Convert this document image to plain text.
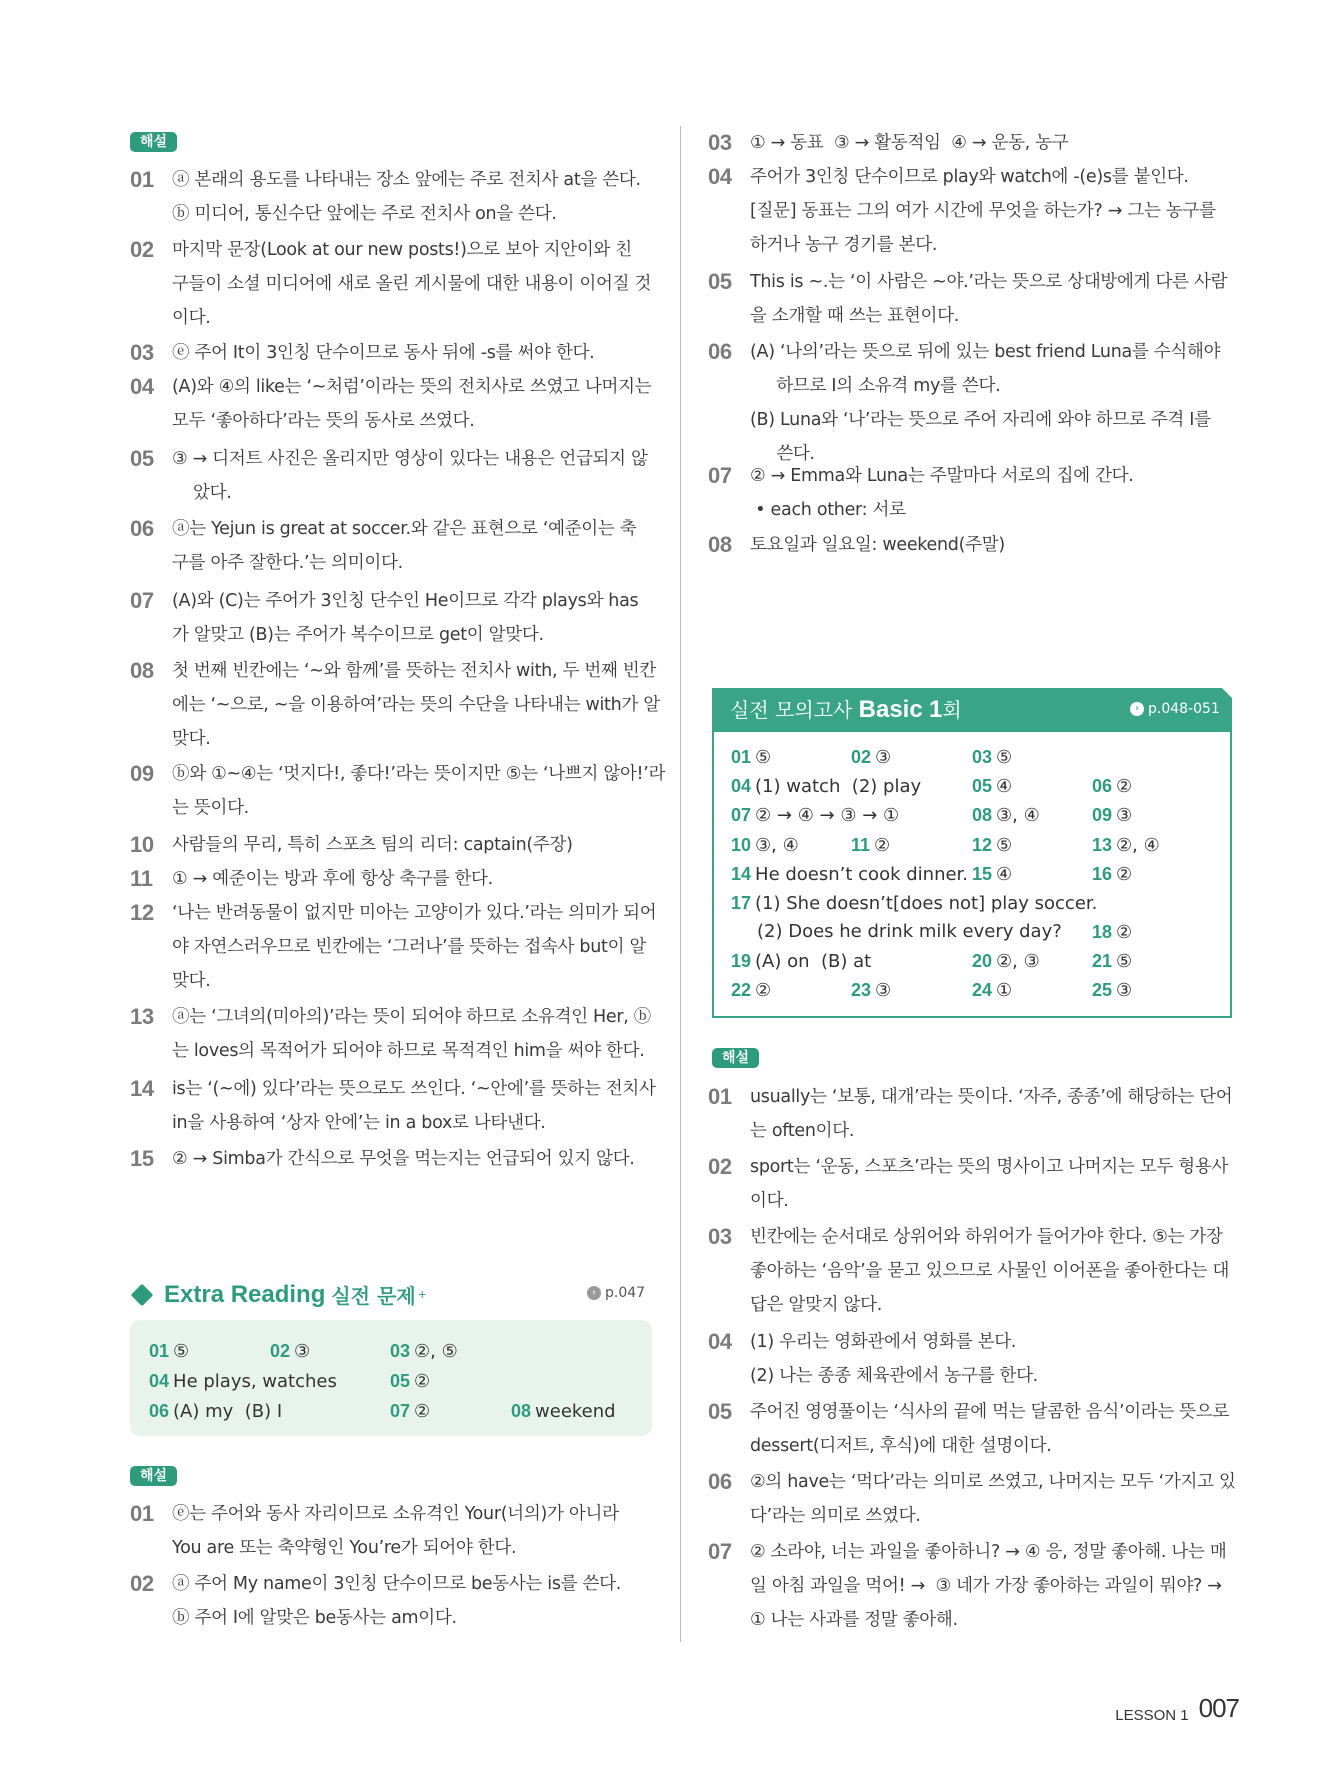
해설
01	ⓐ 본래의 용도를 나타내는 장소 앞에는 주로 전치사 at을 쓴다.
ⓑ 미디어, 통신수단 앞에는 주로 전치사 on을 쓴다.
02	마지막 문장(Look at our new posts!)으로 보아 지안이와 친
구들이 소셜 미디어에 새로 올린 게시물에 대한 내용이 이어질 것
이다.
03	ⓔ 주어 It이 3인칭 단수이므로 동사 뒤에 -s를 써야 한다.
04	(A)와 ④의 like는 ‘~처럼’이라는 뜻의 전치사로 쓰였고 나머지는
모두 ‘좋아하다’라는 뜻의 동사로 쓰였다.
05	③ → 디저트 사진은 올리지만 영상이 있다는 내용은 언급되지 않
았다.
06	ⓐ는 Yejun is great at soccer.와 같은 표현으로 ‘예준이는 축
구를 아주 잘한다.’는 의미이다.
07	(A)와 (C)는 주어가 3인칭 단수인 He이므로 각각 plays와 has
가 알맞고 (B)는 주어가 복수이므로 get이 알맞다.
08	첫 번째 빈칸에는 ‘~와 함께’를 뜻하는 전치사 with, 두 번째 빈칸
에는 ‘~으로, ~을 이용하여’라는 뜻의 수단을 나타내는 with가 알
맞다.
09	ⓑ와 ①~④는 ‘멋지다!, 좋다!’라는 뜻이지만 ⑤는 ‘나쁘지 않아!’라
는 뜻이다.
10	사람들의 무리, 특히 스포츠 팀의 리더: captain(주장)
11	① → 예준이는 방과 후에 항상 축구를 한다.
12	‘나는 반려동물이 없지만 미아는 고양이가 있다.’라는 의미가 되어
야 자연스러우므로 빈칸에는 ‘그러나’를 뜻하는 접속사 but이 알
맞다.
13	ⓐ는 ‘그녀의(미아의)’라는 뜻이 되어야 하므로 소유격인 Her, ⓑ
는 loves의 목적어가 되어야 하므로 목적격인 him을 써야 한다.
14	is는 ‘(~에) 있다’라는 뜻으로도 쓰인다. ‘~안에’를 뜻하는 전치사
in을 사용하여 ‘상자 안에’는 in a box로 나타낸다.
15	② → Simba가 간식으로 무엇을 먹는지는 언급되어 있지 않다.
Extra Reading 실전 문제 +	› p.047
01 ⑤	02 ③	03 ②, ⑤
04 He plays, watches	05 ②
06 (A) my  (B) I	07 ②	08 weekend
해설
01	ⓔ는 주어와 동사 자리이므로 소유격인 Your(너의)가 아니라
You are 또는 축약형인 You’re가 되어야 한다.
02	ⓐ 주어 My name이 3인칭 단수이므로 be동사는 is를 쓴다.
ⓑ 주어 I에 알맞은 be동사는 am이다.
03	① → 동표  ③ → 활동적임  ④ → 운동, 농구
04	주어가 3인칭 단수이므로 play와 watch에 -(e)s를 붙인다.
[질문] 동표는 그의 여가 시간에 무엇을 하는가? → 그는 농구를
하거나 농구 경기를 본다.
05	This is ~.는 ‘이 사람은 ~야.’라는 뜻으로 상대방에게 다른 사람
을 소개할 때 쓰는 표현이다.
06	(A) ‘나의’라는 뜻으로 뒤에 있는 best friend Luna를 수식해야
하므로 I의 소유격 my를 쓴다.
(B) Luna와 ‘나’라는 뜻으로 주어 자리에 와야 하므로 주격 I를
쓴다.
07	② → Emma와 Luna는 주말마다 서로의 집에 간다.
• each other: 서로
08	토요일과 일요일: weekend(주말)
실전 모의고사 Basic 1회	› p.048-051
01 ⑤	02 ③	03 ⑤
04 (1) watch  (2) play	05 ④	06 ②
07 ② → ④ → ③ → ①	08 ③, ④	09 ③
10 ③, ④	11 ②	12 ⑤	13 ②, ④
14 He doesn’t cook dinner. 15 ④	16 ②
17 (1) She doesn’t[does not] play soccer.
(2) Does he drink milk every day? 18 ②
19 (A) on  (B) at	20 ②, ③	21 ⑤
22 ②	23 ③	24 ①	25 ③
해설
01	usually는 ‘보통, 대개’라는 뜻이다. ‘자주, 종종’에 해당하는 단어
는 often이다.
02	sport는 ‘운동, 스포츠’라는 뜻의 명사이고 나머지는 모두 형용사
이다.
03	빈칸에는 순서대로 상위어와 하위어가 들어가야 한다. ⑤는 가장
좋아하는 ‘음악’을 묻고 있으므로 사물인 이어폰을 좋아한다는 대
답은 알맞지 않다.
04	(1) 우리는 영화관에서 영화를 본다.
(2) 나는 종종 체육관에서 농구를 한다.
05	주어진 영영풀이는 ‘식사의 끝에 먹는 달콤한 음식’이라는 뜻으로
dessert(디저트, 후식)에 대한 설명이다.
06	②의 have는 ‘먹다’라는 의미로 쓰였고, 나머지는 모두 ‘가지고 있
다’라는 의미로 쓰였다.
07	② 소라야, 너는 과일을 좋아하니? → ④ 응, 정말 좋아해. 나는 매
일 아침 과일을 먹어! →  ③ 네가 가장 좋아하는 과일이 뭐야? →
① 나는 사과를 정말 좋아해.
LESSON 1 007
